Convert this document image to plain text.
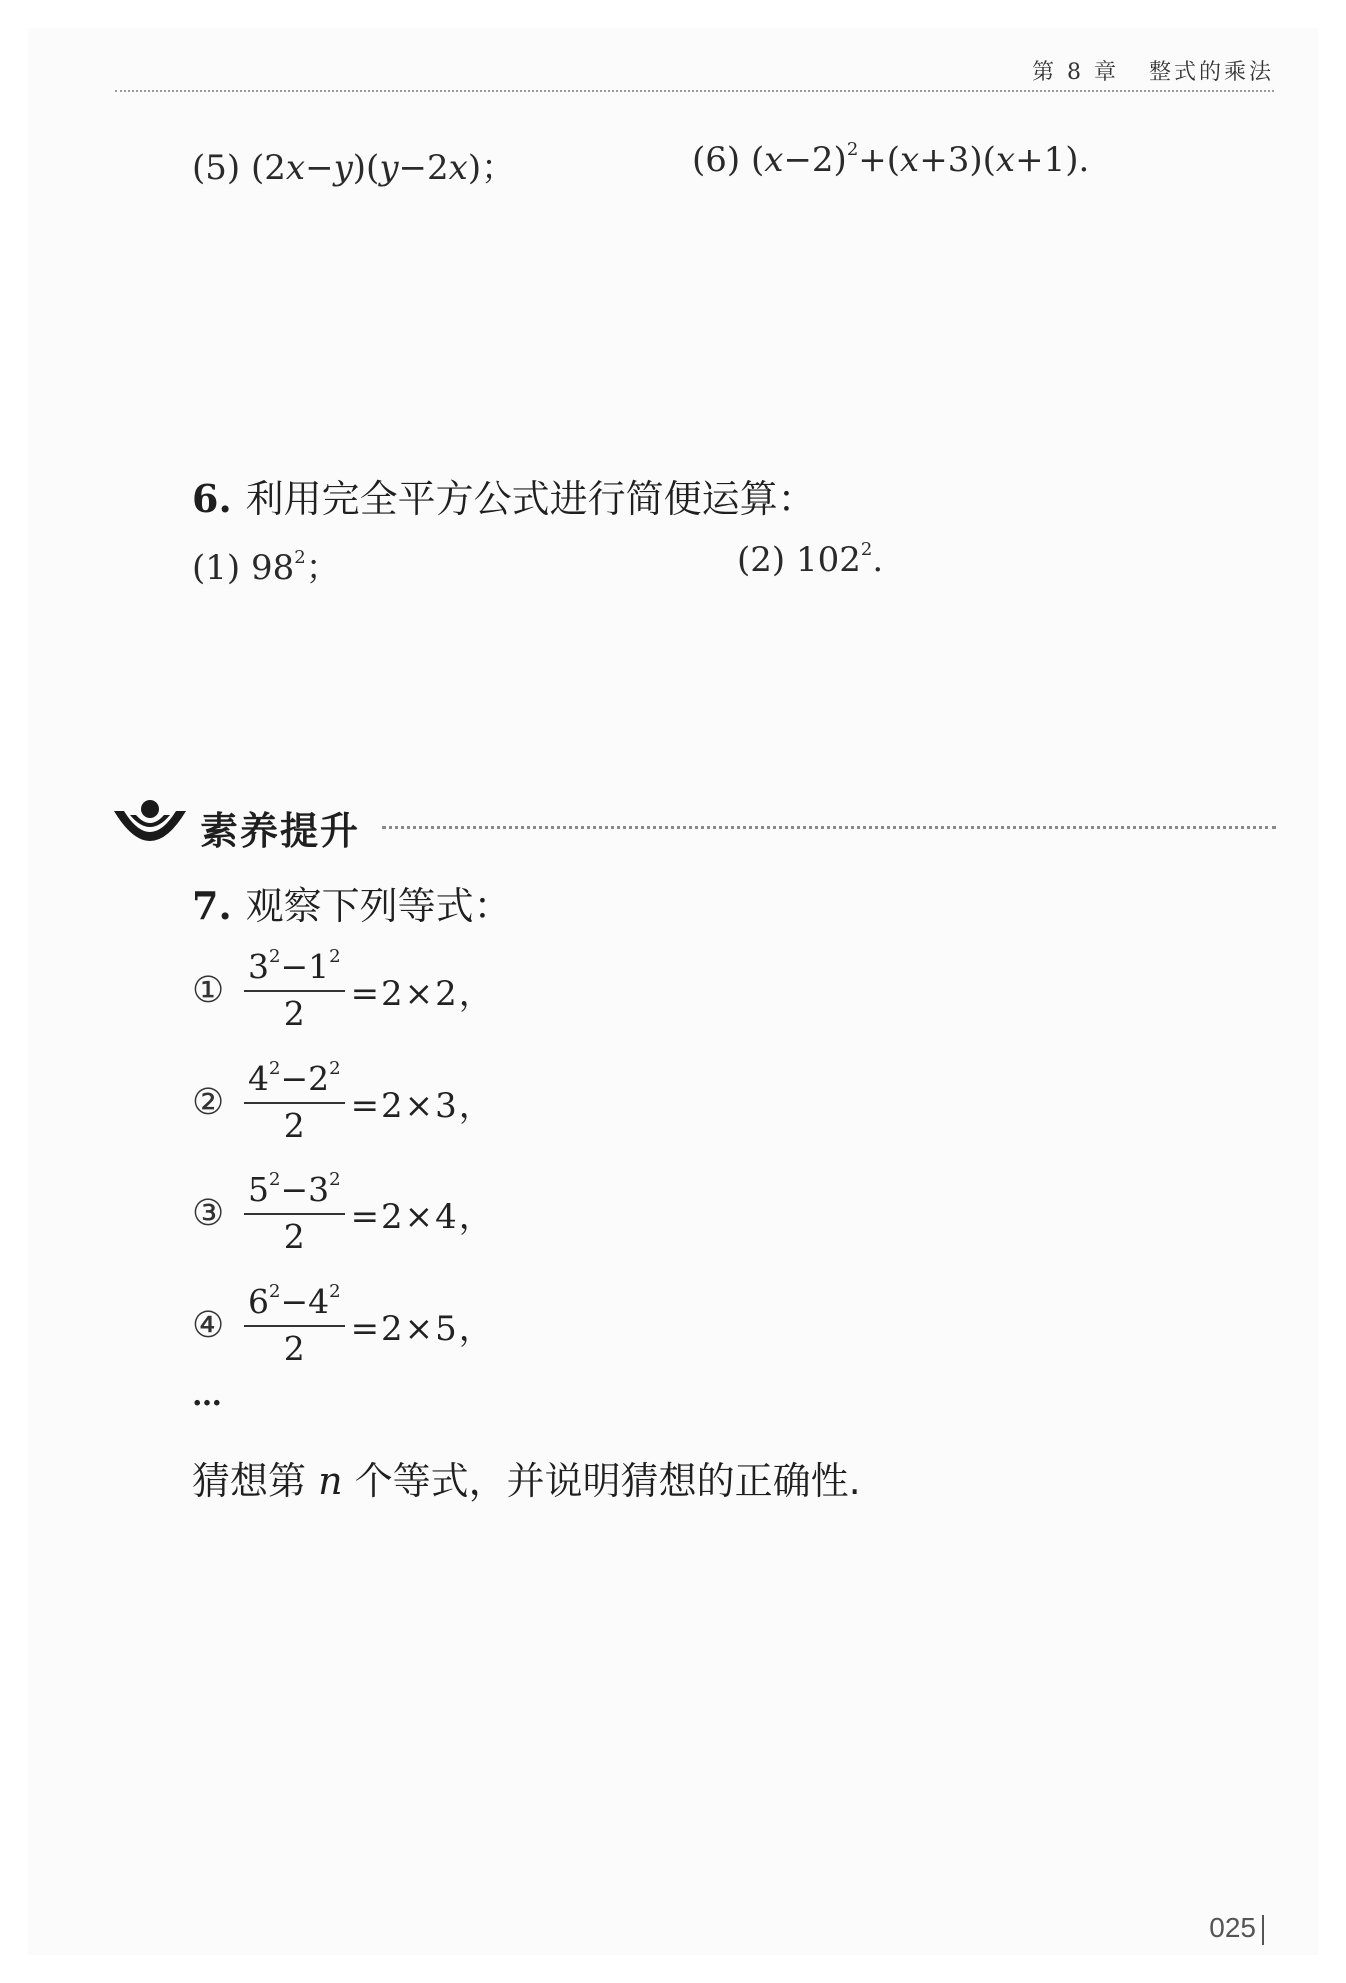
第 8 章 整式的乘法
(5) (2x−y)(y−2x)；	(6) $(x-2)^2+(x+3)(x+1)$.
6. 利用完全平方公式进行简便运算：
(1) $98^2$；	(2) $102^2$.
素养提升
7. 观察下列等式：
① $\frac{3^2-1^2}{2} =2\times 2$，
② $\frac{4^2-2^2}{2} =2\times 3$，
③ $\frac{5^2-3^2}{2} =2\times 4$，
④ $\frac{6^2-4^2}{2} =2\times 5$，
…
猜想第 n 个等式，并说明猜想的正确性.
025
